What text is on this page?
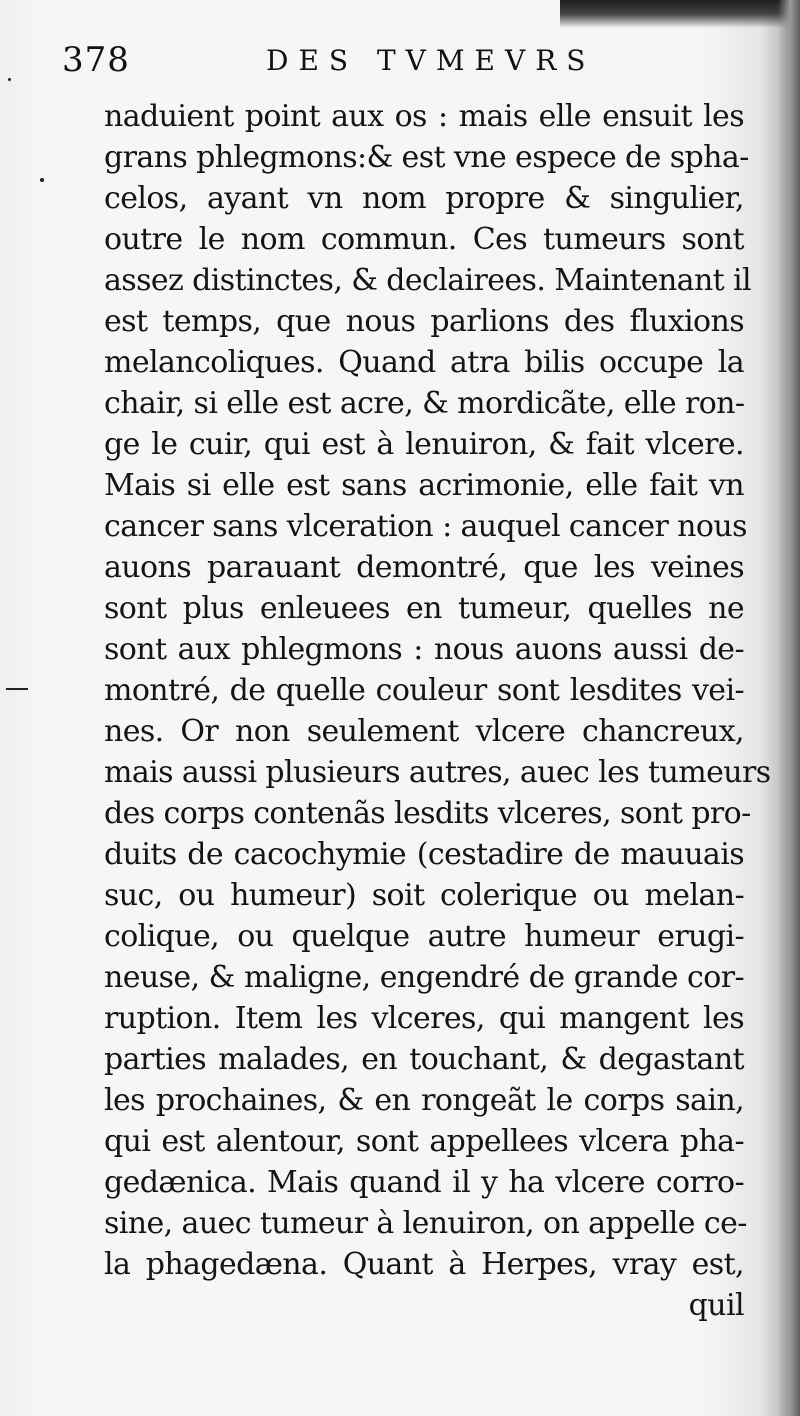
378	DES TVMEVRS
naduient point aux os : mais elle ensuit les
grans phlegmons:& est vne espece de spha-
celos, ayant vn nom propre & singulier,
outre le nom commun. Ces tumeurs sont
assez distinctes, & declairees. Maintenant il
est temps, que nous parlions des fluxions
melancoliques. Quand atra bilis occupe la
chair, si elle est acre, & mordicãte, elle ron-
ge le cuir, qui est à lenuiron, & fait vlcere.
Mais si elle est sans acrimonie, elle fait vn
cancer sans vlceration : auquel cancer nous
auons parauant demontré, que les veines
sont plus enleuees en tumeur, quelles ne
sont aux phlegmons : nous auons aussi de-
montré, de quelle couleur sont lesdites vei-
nes. Or non seulement vlcere chancreux,
mais aussi plusieurs autres, auec les tumeurs
des corps contenãs lesdits vlceres, sont pro-
duits de cacochymie (cestadire de mauuais
suc, ou humeur) soit colerique ou melan-
colique, ou quelque autre humeur erugi-
neuse, & maligne, engendré de grande cor-
ruption. Item les vlceres, qui mangent les
parties malades, en touchant, & degastant
les prochaines, & en rongeãt le corps sain,
qui est alentour, sont appellees vlcera pha-
gedænica. Mais quand il y ha vlcere corro-
sine, auec tumeur à lenuiron, on appelle ce-
la phagedæna. Quant à Herpes, vray est,
quil
